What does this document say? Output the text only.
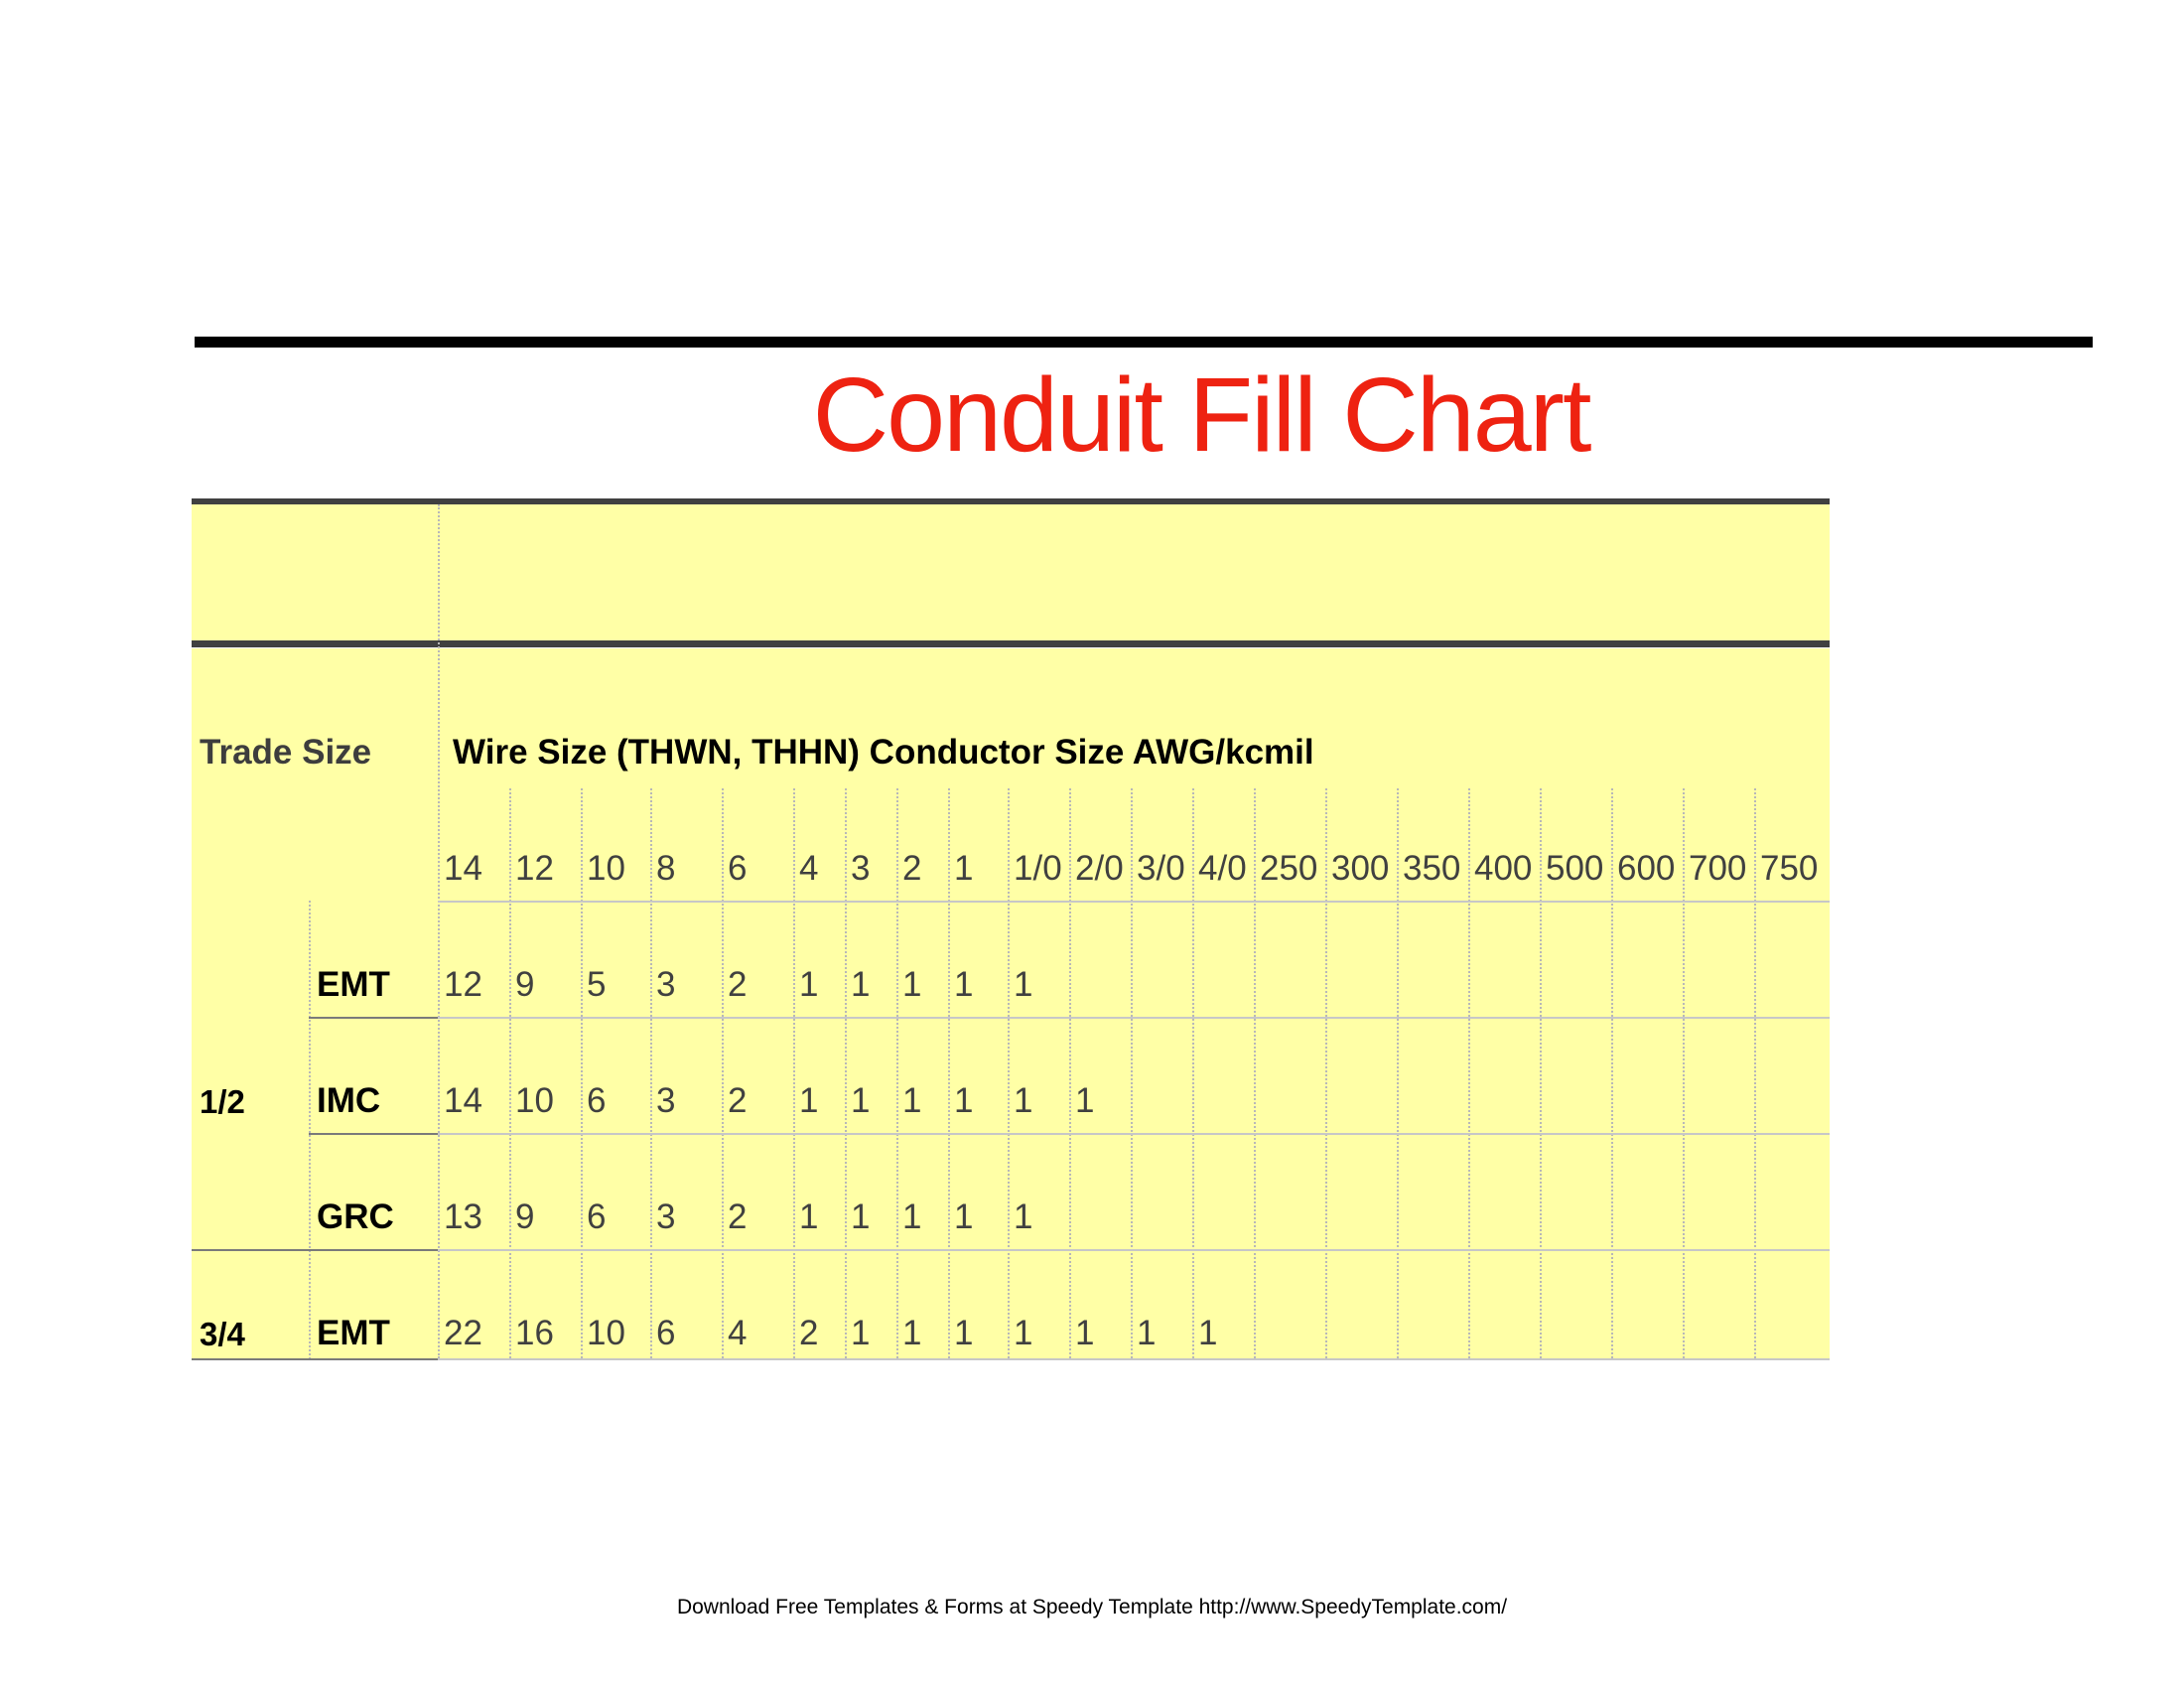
Conduit Fill Chart
Trade Size Wire Size (THWN, THHN) Conductor Size AWG/kcmil
14 12 10 8 6 4 3 2 1 1/0 2/0 3/0 4/0 250 300 350 400 500 600 700 750
EMT 12 9 5 3 2 1 1 1 1 1
1/2 IMC 14 10 6 3 2 1 1 1 1 1 1
GRC 13 9 6 3 2 1 1 1 1 1
3/4 EMT 22 16 10 6 4 2 1 1 1 1 1 1 1
Download Free Templates & Forms at Speedy Template http://www.SpeedyTemplate.com/
